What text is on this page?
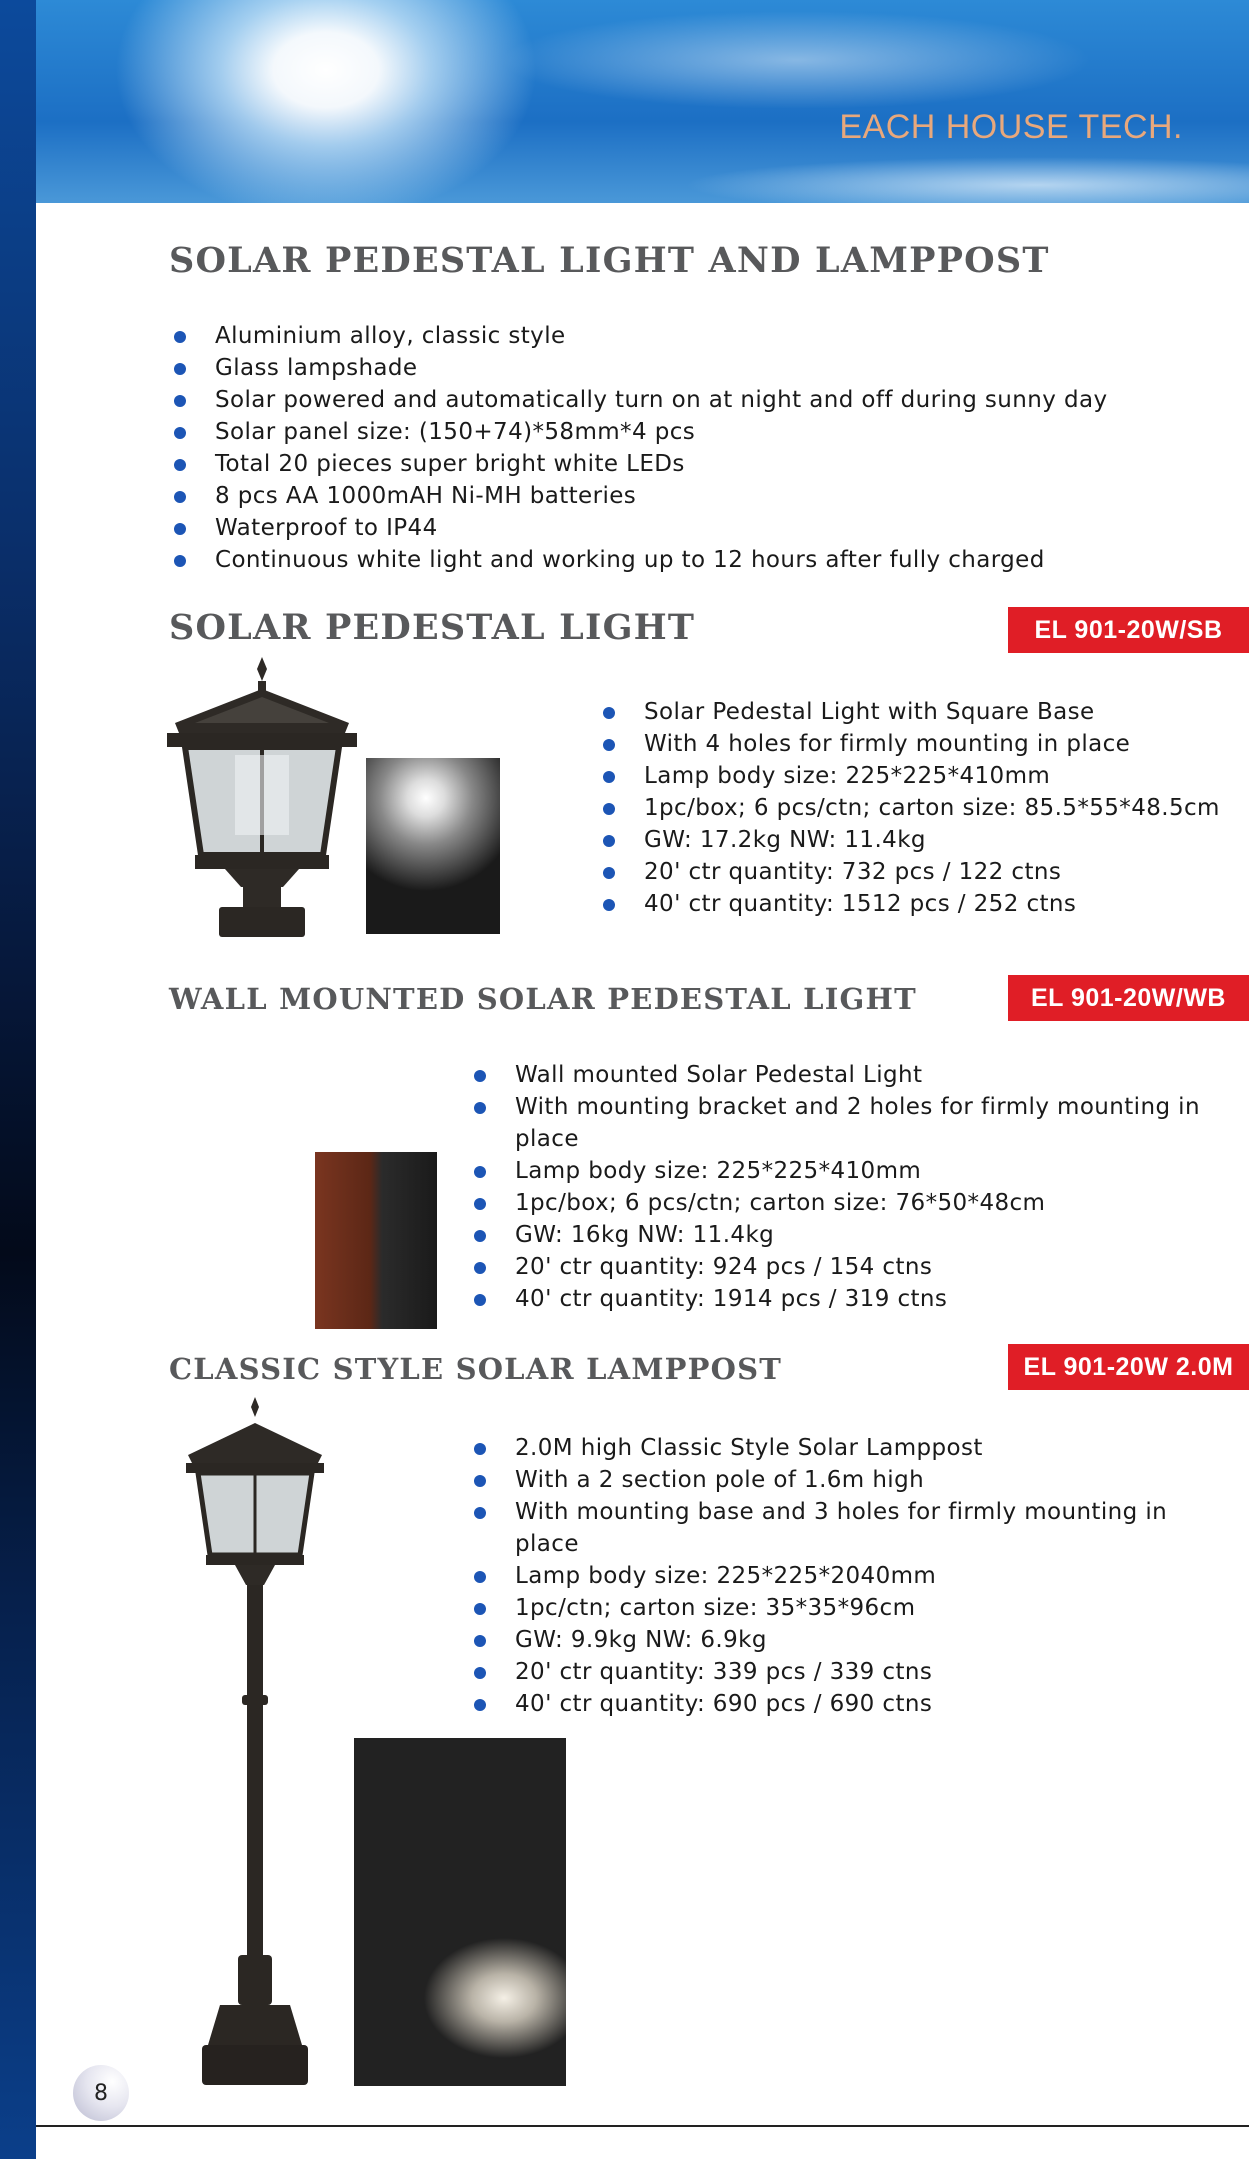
EACH HOUSE TECH.
SOLAR PEDESTAL LIGHT AND LAMPPOST
Aluminium alloy, classic style
Glass lampshade
Solar powered and automatically turn on at night and off during sunny day
Solar panel size: (150+74)*58mm*4 pcs
Total 20 pieces super bright white LEDs
8 pcs AA 1000mAH Ni-MH batteries
Waterproof to IP44
Continuous white light and working up to 12 hours after fully charged
SOLAR PEDESTAL LIGHT	EL 901-20W/SB
Solar Pedestal Light with Square Base
With 4 holes for firmly mounting in place
Lamp body size: 225*225*410mm
1pc/box; 6 pcs/ctn; carton size: 85.5*55*48.5cm
GW: 17.2kg NW: 11.4kg
20' ctr quantity: 732 pcs / 122 ctns
40' ctr quantity: 1512 pcs / 252 ctns
WALL MOUNTED SOLAR PEDESTAL LIGHT	EL 901-20W/WB
Wall mounted Solar Pedestal Light
With mounting bracket and 2 holes for firmly mounting in place
Lamp body size: 225*225*410mm
1pc/box; 6 pcs/ctn; carton size: 76*50*48cm
GW: 16kg NW: 11.4kg
20' ctr quantity: 924 pcs / 154 ctns
40' ctr quantity: 1914 pcs / 319 ctns
CLASSIC STYLE SOLAR LAMPPOST	EL 901-20W 2.0M
2.0M high Classic Style Solar Lamppost
With a 2 section pole of 1.6m high
With mounting base and 3 holes for firmly mounting in place
Lamp body size: 225*225*2040mm
1pc/ctn; carton size: 35*35*96cm
GW: 9.9kg NW: 6.9kg
20' ctr quantity: 339 pcs / 339 ctns
40' ctr quantity: 690 pcs / 690 ctns
8
